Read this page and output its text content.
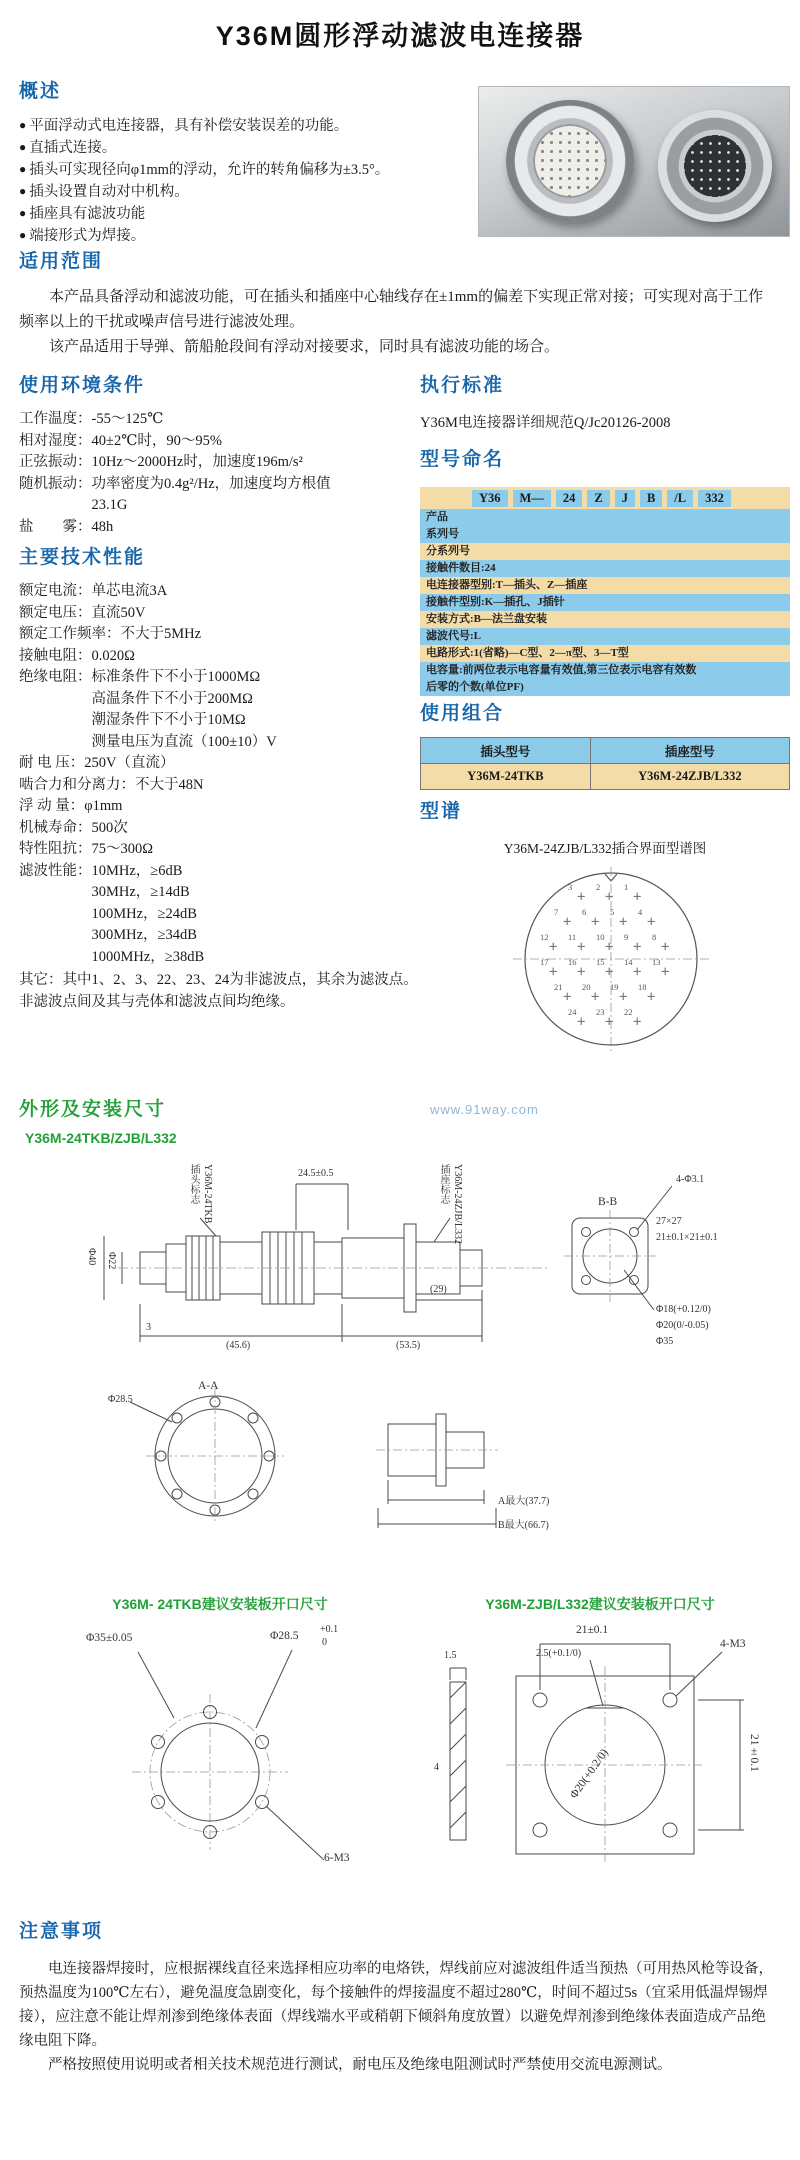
Y36M圆形浮动滤波电连接器
概述
● 平面浮动式电连接器，具有补偿安装误差的功能。
● 直插式连接。
● 插头可实现径向φ1mm的浮动，允许的转角偏移为±3.5°。
● 插头设置自动对中机构。
● 插座具有滤波功能
● 端接形式为焊接。
适用范围

本产品具备浮动和滤波功能，可在插头和插座中心轴线存在±1mm的偏差下实现正常对接；可实现对高于工作频率以上的干扰或噪声信号进行滤波处理。

该产品适用于导弹、箭船舱段间有浮动对接要求，同时具有滤波功能的场合。

使用环境条件
工作温度：-55～125℃
相对湿度：40±2℃时，90～95%
正弦振动：10Hz～2000Hz时，加速度196m/s²
随机振动：功率密度为0.4g²/Hz，加速度均方根值
23.1G
盐　　雾：48h
执行标准
Y36M电连接器详细规范Q/Jc20126-2008
型号命名
Y36	M—	24	Z	J	B	/L	332
产品
系列号
分系列号
接触件数目:24
电连接器型别:T—插头、Z—插座
接触件型别:K—插孔、J插针
安装方式:B—法兰盘安装
滤波代号:L
电路形式:1(省略)—C型、2—π型、3—T型
电容量:前两位表示电容量有效值,第三位表示电容有效数
后零的个数(单位PF)
主要技术性能
额定电流：单芯电流3A
额定电压：直流50V
额定工作频率：不大于5MHz
接触电阻：0.020Ω
绝缘电阻：标准条件下不小于1000MΩ
高温条件下不小于200MΩ
潮湿条件下不小于10MΩ
测量电压为直流（100±10）V
耐 电 压：250V（直流）
啮合力和分离力：不大于48N
浮 动 量：φ1mm
机械寿命：500次
特性阻抗：75～300Ω
滤波性能：10MHz，≥6dB
30MHz，≥14dB
100MHz，≥24dB
300MHz，≥34dB
1000MHz，≥38dB
其它：其中1、2、3、22、23、24为非滤波点，其余为滤波点。非滤波点间及其与壳体和滤波点间均绝缘。
使用组合
插头型号	插座型号
Y36M-24TKB	Y36M-24ZJB/L332
型谱
Y36M-24ZJB/L332插合界面型谱图
3
+
2
+
1
+
7
+
6
+
5
+
4
+
12
+
11
+
10
+
9
+
8
+
17
+
16
+
15
+
14
+
13
+
21
+
20
+
19
+
18
+
24
+
23
+
22
+
外形及安装尺寸	www.91way.com
Y36M-24TKB/ZJB/L332
插头标志 Y36M-24TKB	插座标志 Y36M-24ZJB/L332
24.5±0.5
Φ40 Φ22
(29)
3
(45.6)	(53.5)
B-B
4-Φ3.1
27×27
21±0.1×21±0.1
Φ18(+0.12/0)
Φ20(0/-0.05)
Φ35
A-A
Φ28.5
A最大(37.7)
B最大(66.7)
Y36M- 24TKB建议安装板开口尺寸	Y36M-ZJB/L332建议安装板开口尺寸
Φ35±0.05	Φ28.5
+0.1
0
6-M3
21±0.1
2.5(+0.1/0)
4-M3
Φ20(+0.2/0)	21±0.1
1.5
4
注意事项

电连接器焊接时，应根据裸线直径来选择相应功率的电烙铁，焊线前应对滤波组件适当预热（可用热风枪等设备，预热温度为100℃左右），避免温度急剧变化，每个接触件的焊接温度不超过280℃，时间不超过5s（宜采用低温焊锡焊接），应注意不能让焊剂渗到绝缘体表面（焊线端水平或稍朝下倾斜角度放置）以避免焊剂渗到绝缘体表面造成产品绝缘电阻下降。

严格按照使用说明或者相关技术规范进行测试，耐电压及绝缘电阻测试时严禁使用交流电源测试。
